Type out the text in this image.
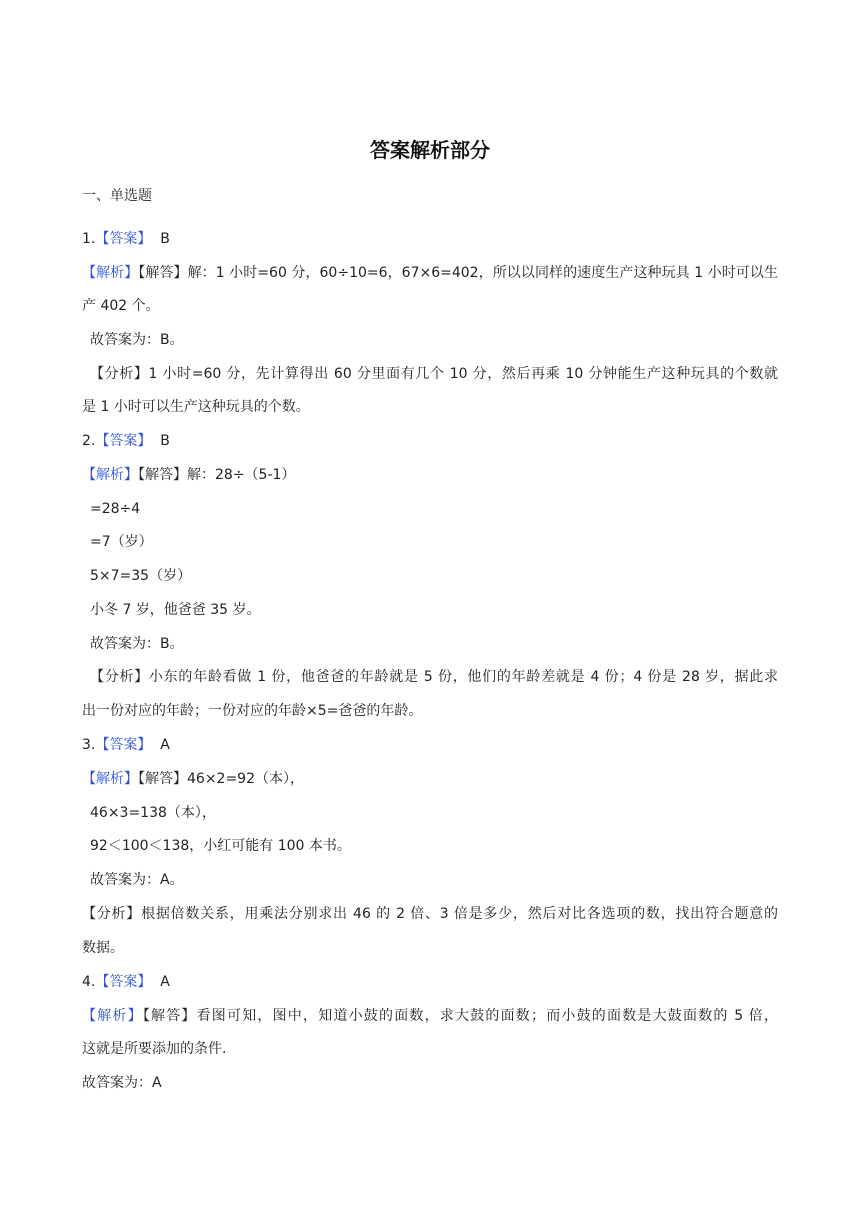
答案解析部分
一、单选题
1.【答案】 B
【解析】【解答】解：1 小时=60 分，60÷10=6，67×6=402，所以以同样的速度生产这种玩具 1 小时可以生
产 402 个。
故答案为：B。
【分析】1 小时=60 分，先计算得出 60 分里面有几个 10 分，然后再乘 10 分钟能生产这种玩具的个数就
是 1 小时可以生产这种玩具的个数。
2.【答案】 B
【解析】【解答】解：28÷（5-1）
=28÷4
=7（岁）
5×7=35（岁）
小冬 7 岁，他爸爸 35 岁。
故答案为：B。
【分析】小东的年龄看做 1 份，他爸爸的年龄就是 5 份，他们的年龄差就是 4 份；4 份是 28 岁，据此求
出一份对应的年龄；一份对应的年龄×5=爸爸的年龄。
3.【答案】 A
【解析】【解答】46×2=92（本），
46×3=138（本），
92＜100＜138，小红可能有 100 本书。
故答案为：A。
【分析】根据倍数关系，用乘法分别求出 46 的 2 倍、3 倍是多少，然后对比各选项的数，找出符合题意的
数据。
4.【答案】 A
【解析】【解答】看图可知，图中，知道小鼓的面数，求大鼓的面数；而小鼓的面数是大鼓面数的 5 倍，
这就是所要添加的条件.
故答案为：A
